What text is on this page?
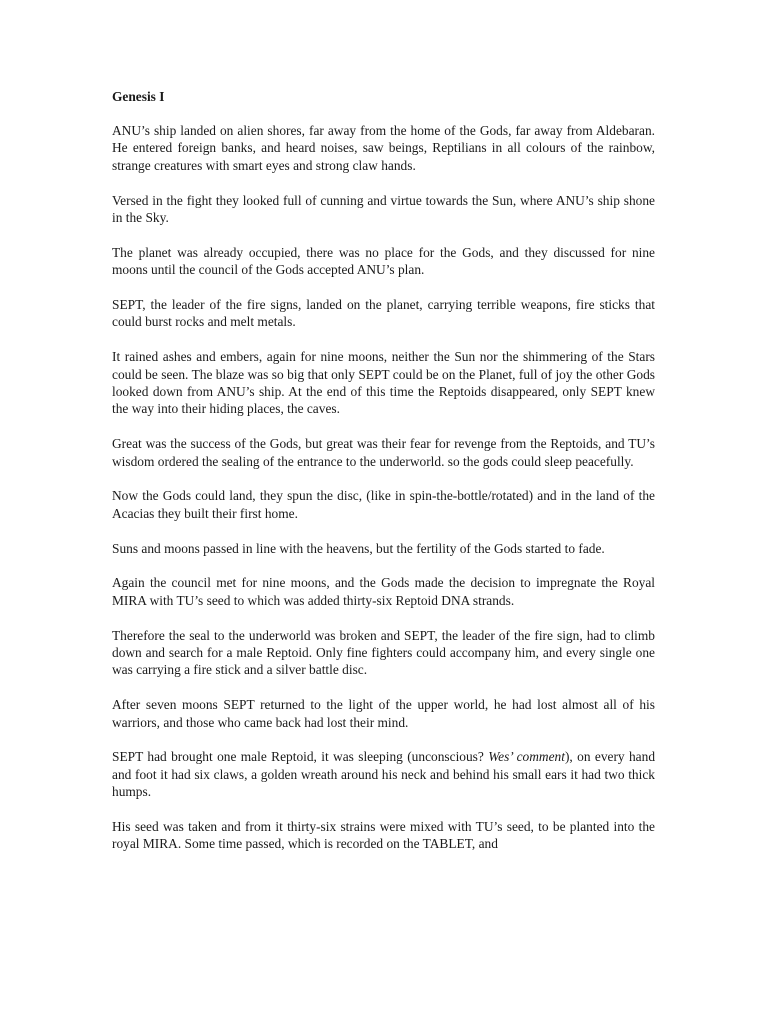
Genesis I

ANU’s ship landed on alien shores, far away from the home of the Gods, far away from Aldebaran. He entered foreign banks, and heard noises, saw beings, Reptilians in all colours of the rainbow, strange creatures with smart eyes and strong claw hands.

Versed in the fight they looked full of cunning and virtue towards the Sun, where ANU’s ship shone in the Sky.

The planet was already occupied, there was no place for the Gods, and they discussed for nine moons until the council of the Gods accepted ANU’s plan.

SEPT, the leader of the fire signs, landed on the planet, carrying terrible weapons, fire sticks that could burst rocks and melt metals.

It rained ashes and embers, again for nine moons, neither the Sun nor the shimmering of the Stars could be seen. The blaze was so big that only SEPT could be on the Planet, full of joy the other Gods looked down from ANU’s ship. At the end of this time the Reptoids disappeared, only SEPT knew the way into their hiding places, the caves.

Great was the success of the Gods, but great was their fear for revenge from the Reptoids, and TU’s wisdom ordered the sealing of the entrance to the underworld. so the gods could sleep peacefully.

Now the Gods could land, they spun the disc, (like in spin-the-bottle/rotated) and in the land of the Acacias they built their first home.

Suns and moons passed in line with the heavens, but the fertility of the Gods started to fade.

Again the council met for nine moons, and the Gods made the decision to impregnate the Royal MIRA with TU’s seed to which was added thirty-six Reptoid DNA strands.

Therefore the seal to the underworld was broken and SEPT, the leader of the fire sign, had to climb down and search for a male Reptoid. Only fine fighters could accompany him, and every single one was carrying a fire stick and a silver battle disc.

After seven moons SEPT returned to the light of the upper world, he had lost almost all of his warriors, and those who came back had lost their mind.

SEPT had brought one male Reptoid, it was sleeping (unconscious? Wes’ comment), on every hand and foot it had six claws, a golden wreath around his neck and behind his small ears it had two thick humps.

His seed was taken and from it thirty-six strains were mixed with TU’s seed, to be planted into the royal MIRA. Some time passed, which is recorded on the TABLET, and
